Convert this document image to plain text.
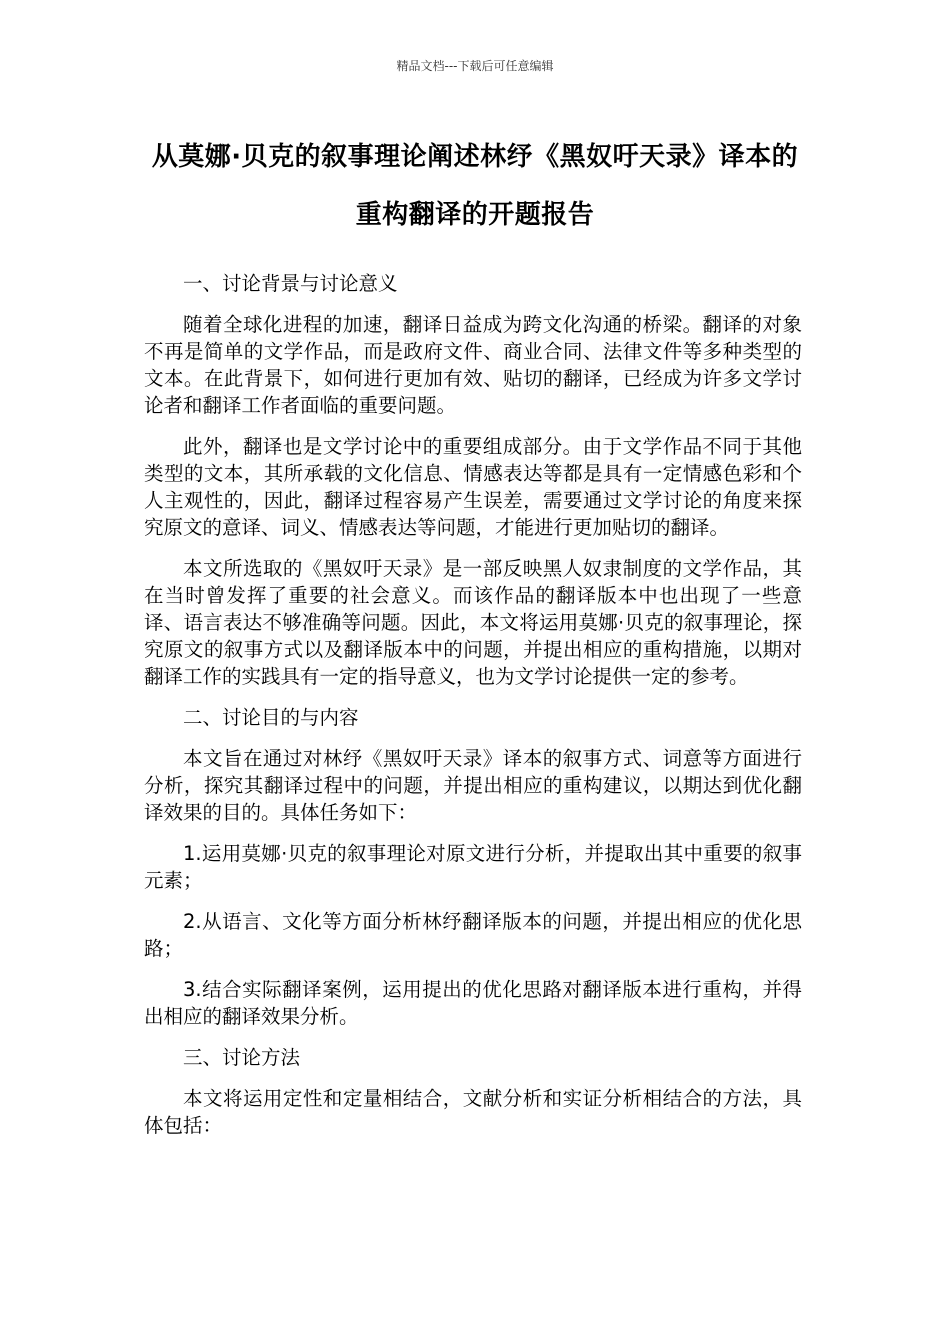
精品文档---下载后可任意编辑
从莫娜·贝克的叙事理论阐述林纾《黑奴吁天录》译本的重构翻译的开题报告
一、讨论背景与讨论意义

随着全球化进程的加速，翻译日益成为跨文化沟通的桥梁。翻译的对象不再是简单的文学作品，而是政府文件、商业合同、法律文件等多种类型的文本。在此背景下，如何进行更加有效、贴切的翻译，已经成为许多文学讨论者和翻译工作者面临的重要问题。

此外，翻译也是文学讨论中的重要组成部分。由于文学作品不同于其他类型的文本，其所承载的文化信息、情感表达等都是具有一定情感色彩和个人主观性的，因此，翻译过程容易产生误差，需要通过文学讨论的角度来探究原文的意译、词义、情感表达等问题，才能进行更加贴切的翻译。

本文所选取的《黑奴吁天录》是一部反映黑人奴隶制度的文学作品，其在当时曾发挥了重要的社会意义。而该作品的翻译版本中也出现了一些意译、语言表达不够准确等问题。因此，本文将运用莫娜·贝克的叙事理论，探究原文的叙事方式以及翻译版本中的问题，并提出相应的重构措施，以期对翻译工作的实践具有一定的指导意义，也为文学讨论提供一定的参考。

二、讨论目的与内容

本文旨在通过对林纾《黑奴吁天录》译本的叙事方式、词意等方面进行分析，探究其翻译过程中的问题，并提出相应的重构建议，以期达到优化翻译效果的目的。具体任务如下：

1.运用莫娜·贝克的叙事理论对原文进行分析，并提取出其中重要的叙事元素；

2.从语言、文化等方面分析林纾翻译版本的问题，并提出相应的优化思路；

3.结合实际翻译案例，运用提出的优化思路对翻译版本进行重构，并得出相应的翻译效果分析。

三、讨论方法

本文将运用定性和定量相结合，文献分析和实证分析相结合的方法，具体包括：
